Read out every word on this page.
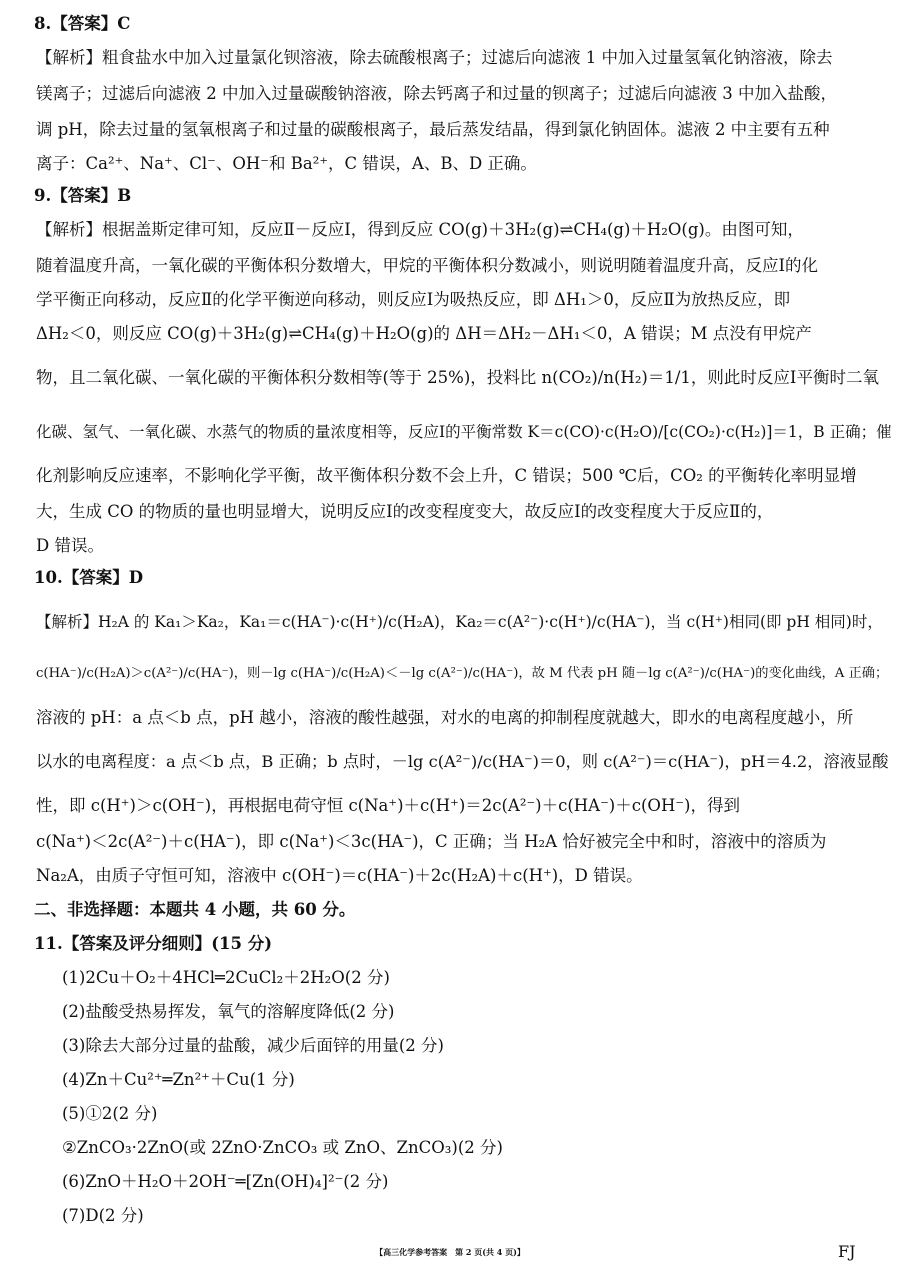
8.【答案】C
【解析】粗食盐水中加入过量氯化钡溶液，除去硫酸根离子；过滤后向滤液 1 中加入过量氢氧化钠溶液，除去
镁离子；过滤后向滤液 2 中加入过量碳酸钠溶液，除去钙离子和过量的钡离子；过滤后向滤液 3 中加入盐酸，
调 pH，除去过量的氢氧根离子和过量的碳酸根离子，最后蒸发结晶，得到氯化钠固体。滤液 2 中主要有五种
离子：Ca²⁺、Na⁺、Cl⁻、OH⁻和 Ba²⁺，C 错误，A、B、D 正确。
9.【答案】B
【解析】根据盖斯定律可知，反应Ⅱ－反应Ⅰ，得到反应 CO(g)＋3H₂(g)⇌CH₄(g)＋H₂O(g)。由图可知，
随着温度升高，一氧化碳的平衡体积分数增大，甲烷的平衡体积分数减小，则说明随着温度升高，反应Ⅰ的化
学平衡正向移动，反应Ⅱ的化学平衡逆向移动，则反应Ⅰ为吸热反应，即 ΔH₁＞0，反应Ⅱ为放热反应，即
ΔH₂＜0，则反应 CO(g)＋3H₂(g)⇌CH₄(g)＋H₂O(g)的 ΔH＝ΔH₂－ΔH₁＜0，A 错误；M 点没有甲烷产
物，且二氧化碳、一氧化碳的平衡体积分数相等(等于 25%)，投料比 n(CO₂)/n(H₂)＝1/1，则此时反应Ⅰ平衡时二氧
化碳、氢气、一氧化碳、水蒸气的物质的量浓度相等，反应Ⅰ的平衡常数 K＝c(CO)·c(H₂O)/[c(CO₂)·c(H₂)]＝1，B 正确；催
化剂影响反应速率，不影响化学平衡，故平衡体积分数不会上升，C 错误；500 ℃后，CO₂ 的平衡转化率明显增
大，生成 CO 的物质的量也明显增大，说明反应Ⅰ的改变程度变大，故反应Ⅰ的改变程度大于反应Ⅱ的，
D 错误。
10.【答案】D
【解析】H₂A 的 Ka₁＞Ka₂，Ka₁＝c(HA⁻)·c(H⁺)/c(H₂A)，Ka₂＝c(A²⁻)·c(H⁺)/c(HA⁻)，当 c(H⁺)相同(即 pH 相同)时，
c(HA⁻)/c(H₂A)＞c(A²⁻)/c(HA⁻)，则－lg c(HA⁻)/c(H₂A)＜－lg c(A²⁻)/c(HA⁻)，故 M 代表 pH 随－lg c(A²⁻)/c(HA⁻)的变化曲线，A 正确；
溶液的 pH：a 点＜b 点，pH 越小，溶液的酸性越强，对水的电离的抑制程度就越大，即水的电离程度越小，所
以水的电离程度：a 点＜b 点，B 正确；b 点时，－lg c(A²⁻)/c(HA⁻)＝0，则 c(A²⁻)＝c(HA⁻)，pH＝4.2，溶液显酸
性，即 c(H⁺)＞c(OH⁻)，再根据电荷守恒 c(Na⁺)＋c(H⁺)＝2c(A²⁻)＋c(HA⁻)＋c(OH⁻)，得到
c(Na⁺)＜2c(A²⁻)＋c(HA⁻)，即 c(Na⁺)＜3c(HA⁻)，C 正确；当 H₂A 恰好被完全中和时，溶液中的溶质为
Na₂A，由质子守恒可知，溶液中 c(OH⁻)＝c(HA⁻)＋2c(H₂A)＋c(H⁺)，D 错误。
二、非选择题：本题共 4 小题，共 60 分。
11.【答案及评分细则】(15 分)
(1)2Cu＋O₂＋4HCl═2CuCl₂＋2H₂O(2 分)
(2)盐酸受热易挥发，氧气的溶解度降低(2 分)
(3)除去大部分过量的盐酸，减少后面锌的用量(2 分)
(4)Zn＋Cu²⁺═Zn²⁺＋Cu(1 分)
(5)①2(2 分)
②ZnCO₃·2ZnO(或 2ZnO·ZnCO₃ 或 ZnO、ZnCO₃)(2 分)
(6)ZnO＋H₂O＋2OH⁻═[Zn(OH)₄]²⁻(2 分)
(7)D(2 分)
【高三化学参考答案　第 2 页(共 4 页)】	FJ
